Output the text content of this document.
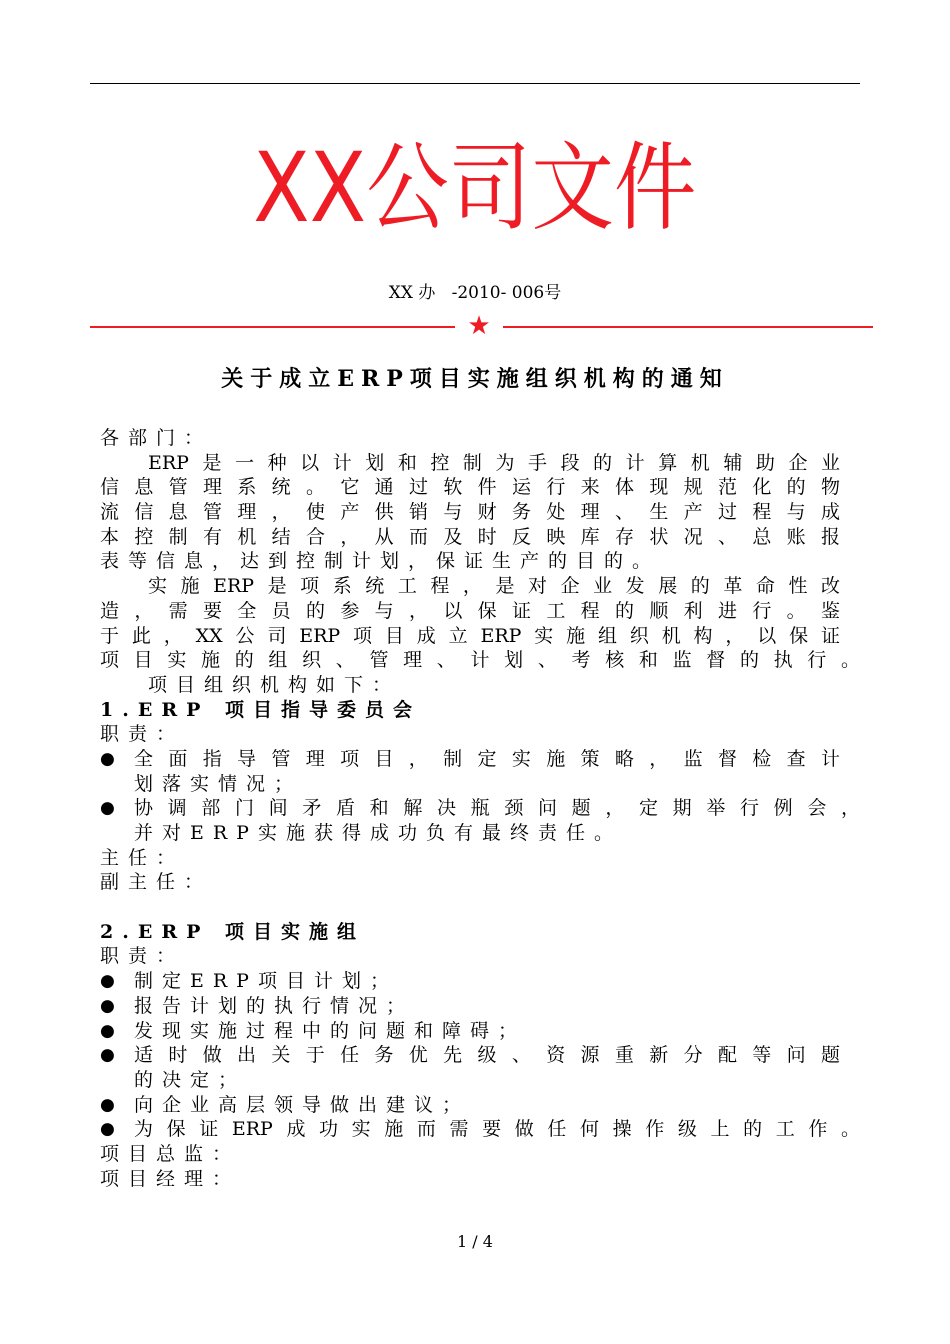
XX公司文件
XX 办   -2010- 006号
★
关于成立ERP项目实施组织机构的通知
各部门：
ERP是一种以计划和控制为手段的计算机辅助企业
信息管理系统。它通过软件运行来体现规范化的物
流信息管理，使产供销与财务处理、生产过程与成
本控制有机结合，从而及时反映库存状况、总账报
表等信息，达到控制计划，保证生产的目的。
实施ERP是项系统工程，是对企业发展的革命性改
造，需要全员的参与，以保证工程的顺利进行。鉴
于此，XX公司ERP项目成立ERP实施组织机构，以保证
项目实施的组织、管理、计划、考核和监督的执行。
项目组织机构如下：
1.ERP 项目指导委员会
职责：
● 全面指导管理项目，制定实施策略，监督检查计
划落实情况；
● 协调部门间矛盾和解决瓶颈问题，定期举行例会，
并对ERP实施获得成功负有最终责任。
主任：
副主任：
2.ERP 项目实施组
职责：
● 制定ERP项目计划；
● 报告计划的执行情况；
● 发现实施过程中的问题和障碍；
● 适时做出关于任务优先级、资源重新分配等问题
的决定；
● 向企业高层领导做出建议；
● 为保证ERP成功实施而需要做任何操作级上的工作。
项目总监：
项目经理：
1 / 4
